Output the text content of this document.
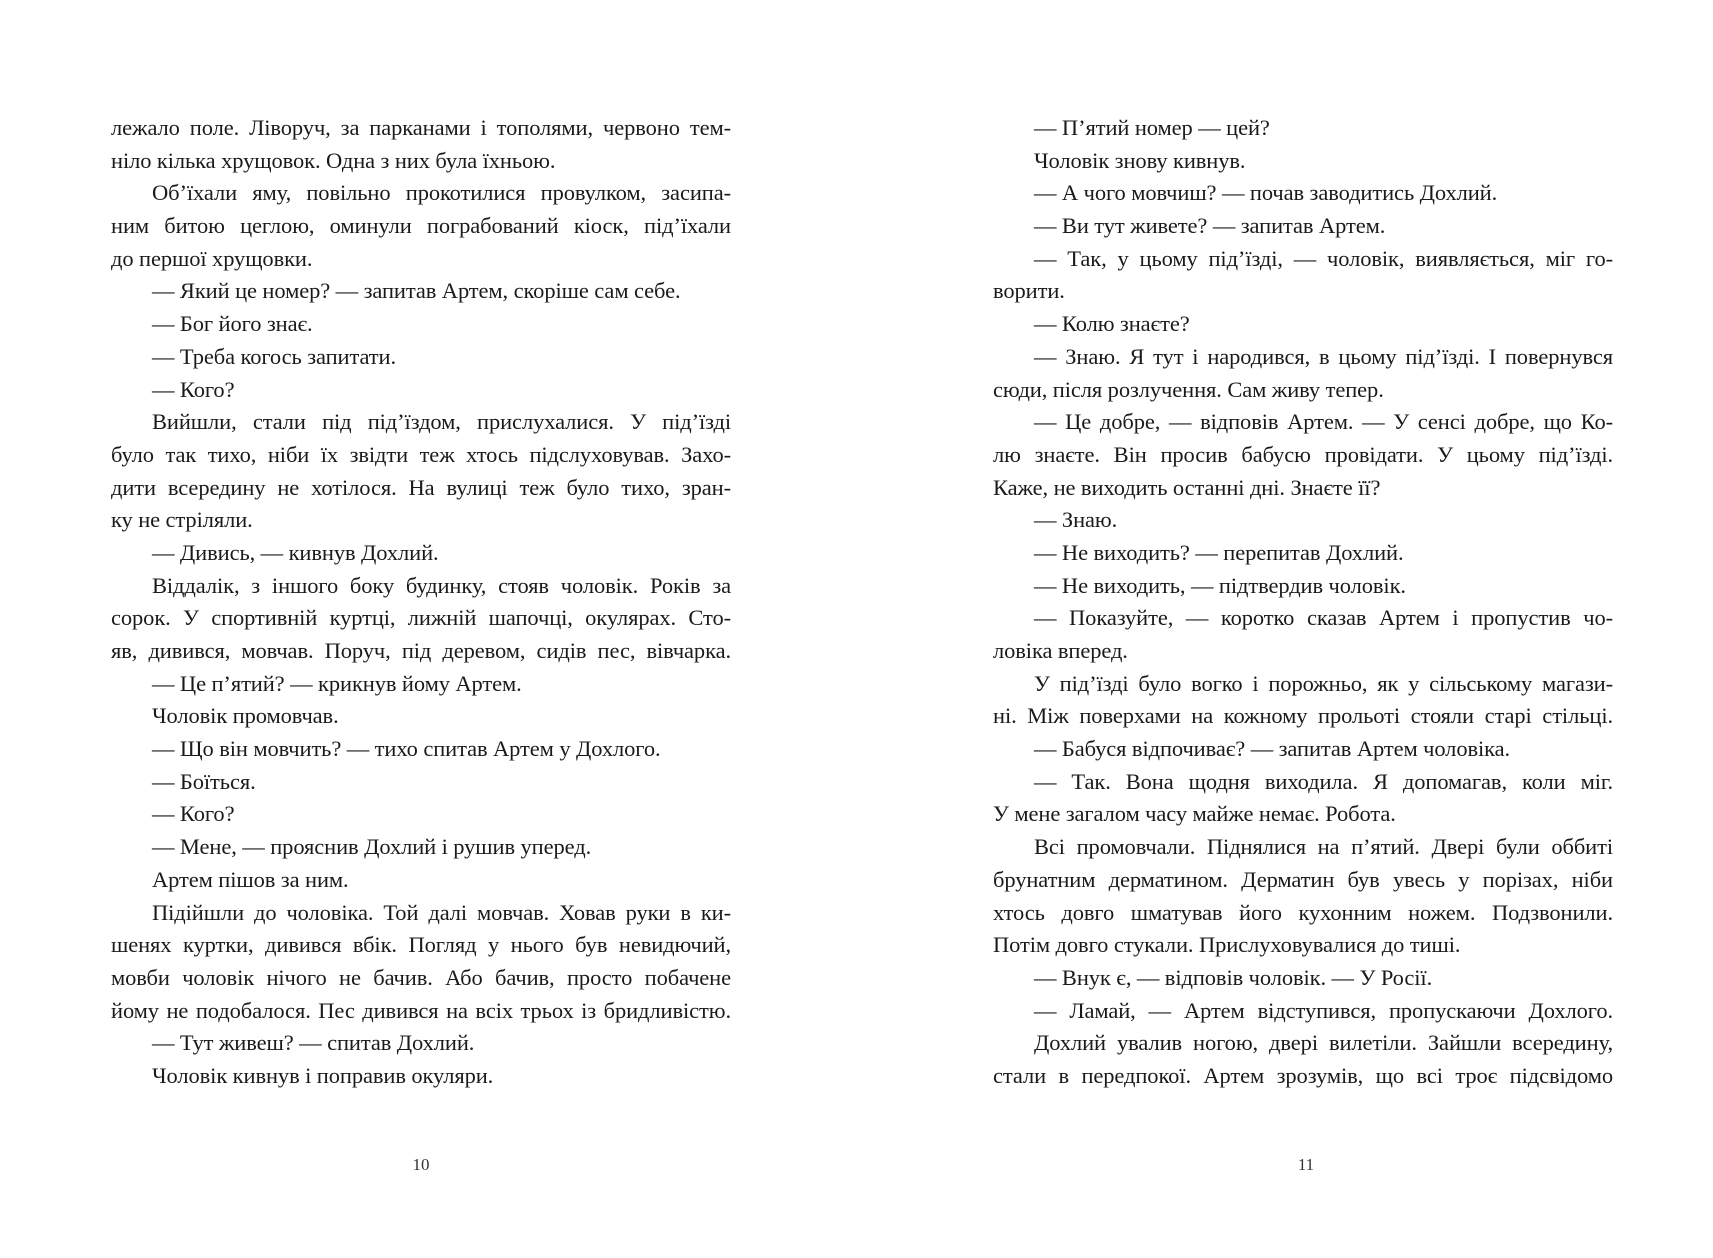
лежало поле. Ліворуч, за парканами і тополями, червоно тем-
ніло кілька хрущовок. Одна з них була їхньою.
Об’їхали яму, повільно прокотилися провулком, засипа-
ним битою цеглою, оминули пограбований кіоск, під’їхали
до першої хрущовки.
— Який це номер? — запитав Артем, скоріше сам себе.
— Бог його знає.
— Треба когось запитати.
— Кого?
Вийшли, стали під під’їздом, прислухалися. У під’їзді
було так тихо, ніби їх звідти теж хтось підслуховував. Захо-
дити всередину не хотілося. На вулиці теж було тихо, зран-
ку не стріляли.
— Дивись, — кивнув Дохлий.
Віддалік, з іншого боку будинку, стояв чоловік. Років за
сорок. У спортивній куртці, лижній шапочці, окулярах. Сто-
яв, дивився, мовчав. Поруч, під деревом, сидів пес, вівчарка.
— Це п’ятий? — крикнув йому Артем.
Чоловік промовчав.
— Що він мовчить? — тихо спитав Артем у Дохлого.
— Боїться.
— Кого?
— Мене, — прояснив Дохлий і рушив уперед.
Артем пішов за ним.
Підійшли до чоловіка. Той далі мовчав. Ховав руки в ки-
шенях куртки, дивився вбік. Погляд у нього був невидючий,
мовби чоловік нічого не бачив. Або бачив, просто побачене
йому не подобалося. Пес дивився на всіх трьох із бридливістю.
— Тут живеш? — спитав Дохлий.
Чоловік кивнув і поправив окуляри.
— П’ятий номер — цей?
Чоловік знову кивнув.
— А чого мовчиш? — почав заводитись Дохлий.
— Ви тут живете? — запитав Артем.
— Так, у цьому під’їзді, — чоловік, виявляється, міг го-
ворити.
— Колю знаєте?
— Знаю. Я тут і народився, в цьому під’їзді. І повернувся
сюди, після розлучення. Сам живу тепер.
— Це добре, — відповів Артем. — У сенсі добре, що Ко-
лю знаєте. Він просив бабусю провідати. У цьому під’їзді.
Каже, не виходить останні дні. Знаєте її?
— Знаю.
— Не виходить? — перепитав Дохлий.
— Не виходить, — підтвердив чоловік.
— Показуйте, — коротко сказав Артем і пропустив чо-
ловіка вперед.
У під’їзді було вогко і порожньо, як у сільському магази-
ні. Між поверхами на кожному прольоті стояли старі стільці.
— Бабуся відпочиває? — запитав Артем чоловіка.
— Так. Вона щодня виходила. Я допомагав, коли міг.
У мене загалом часу майже немає. Робота.
Всі промовчали. Піднялися на п’ятий. Двері були оббиті
брунатним дерматином. Дерматин був увесь у порізах, ніби
хтось довго шматував його кухонним ножем. Подзвонили.
Потім довго стукали. Прислуховувалися до тиші.
— Внук є, — відповів чоловік. — У Росії.
— Ламай, — Артем відступився, пропускаючи Дохлого.
Дохлий увалив ногою, двері вилетіли. Зайшли всередину,
стали в передпокої. Артем зрозумів, що всі троє підсвідомо
10	11
